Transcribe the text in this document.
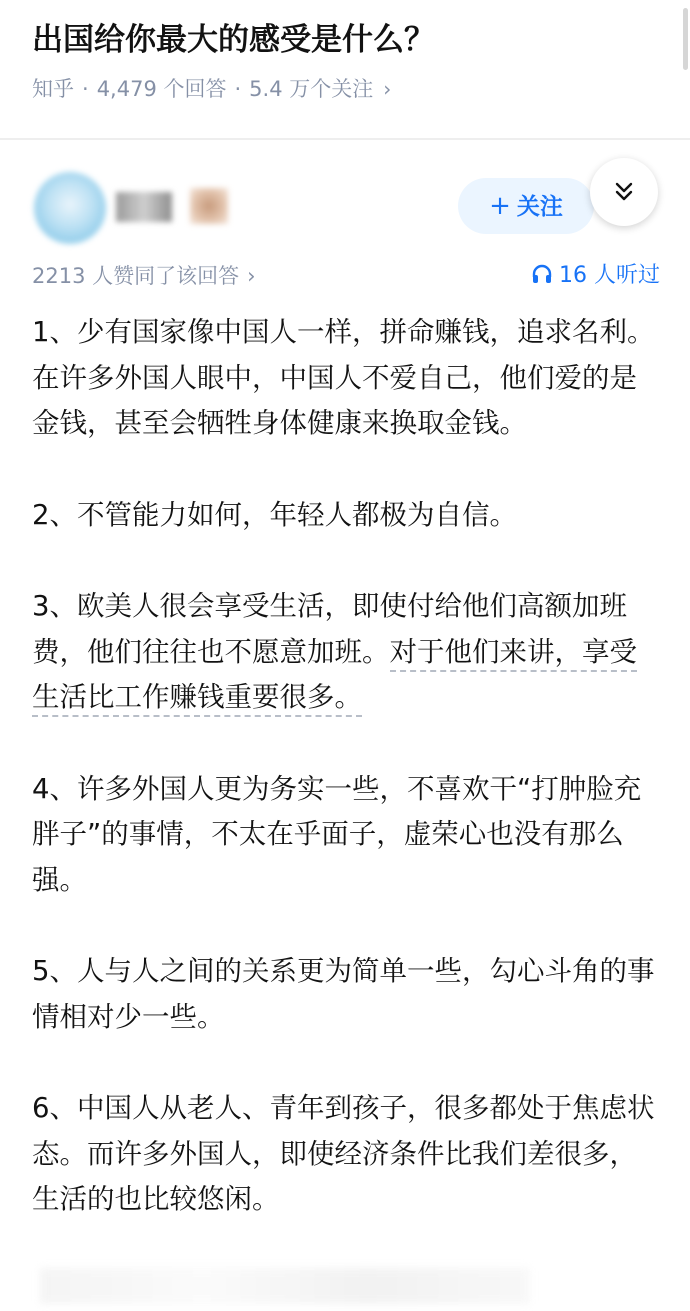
出国给你最大的感受是什么？
知乎 · 4,479 个回答 · 5.4 万个关注 ›
+ 关注
2213 人赞同了该回答 ›	16 人听过

1、少有国家像中国人一样，拼命赚钱，追求名利。在许多外国人眼中，中国人不爱自己，他们爱的是金钱，甚至会牺牲身体健康来换取金钱。

2、不管能力如何，年轻人都极为自信。

3、欧美人很会享受生活，即使付给他们高额加班费，他们往往也不愿意加班。对于他们来讲，享受生活比工作赚钱重要很多。

4、许多外国人更为务实一些，不喜欢干“打肿脸充胖子”的事情，不太在乎面子，虚荣心也没有那么强。

5、人与人之间的关系更为简单一些，勾心斗角的事情相对少一些。

6、中国人从老人、青年到孩子，很多都处于焦虑状态。而许多外国人，即使经济条件比我们差很多，生活的也比较悠闲。
